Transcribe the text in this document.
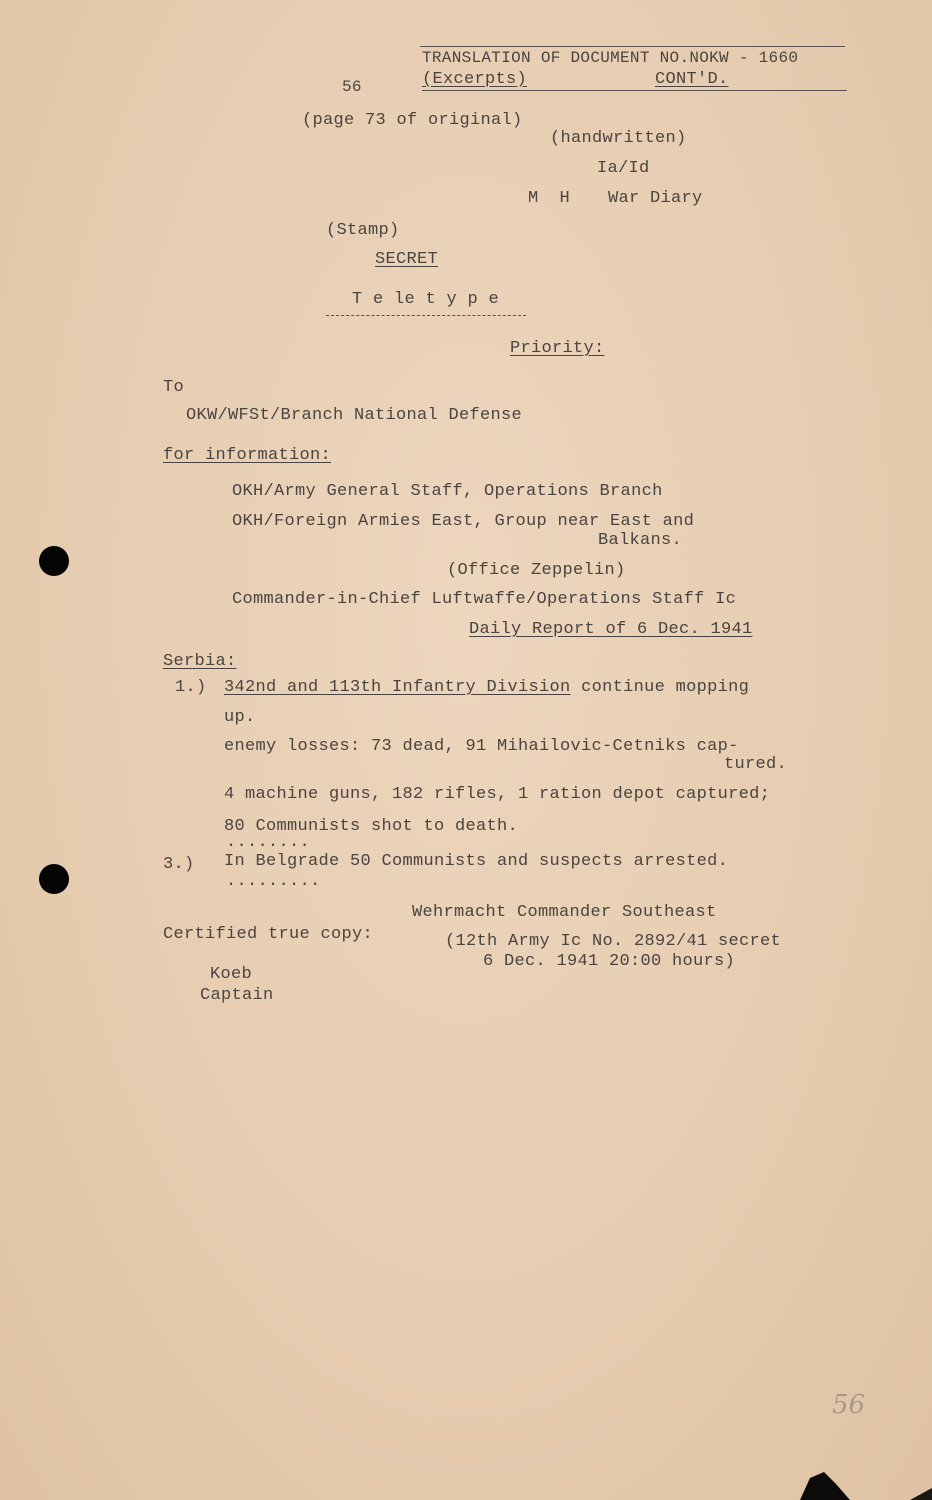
TRANSLATION OF DOCUMENT NO.NOKW - 1660
56	(Excerpts)	CONT'D.
(page 73 of original)
(handwritten)
Ia/Id
M  H War Diary
(Stamp)
SECRET
T e le t y p e
Priority:
To
OKW/WFSt/Branch National Defense
for information:
OKH/Army General Staff, Operations Branch
OKH/Foreign Armies East, Group near East and
Balkans.
(Office Zeppelin)
Commander-in-Chief Luftwaffe/Operations Staff Ic
Daily Report of 6 Dec. 1941
Serbia:
1.) 342nd and 113th Infantry Division continue mopping
up.
enemy losses: 73 dead, 91 Mihailovic-Cetniks cap-
tured.
4 machine guns, 182 rifles, 1 ration depot captured;
80 Communists shot to death.
........
3.) In Belgrade 50 Communists and suspects arrested.
.........
Wehrmacht Commander Southeast
Certified true copy:	(12th Army Ic No. 2892/41 secret
6 Dec. 1941 20:00 hours)
Koeb
Captain
56
